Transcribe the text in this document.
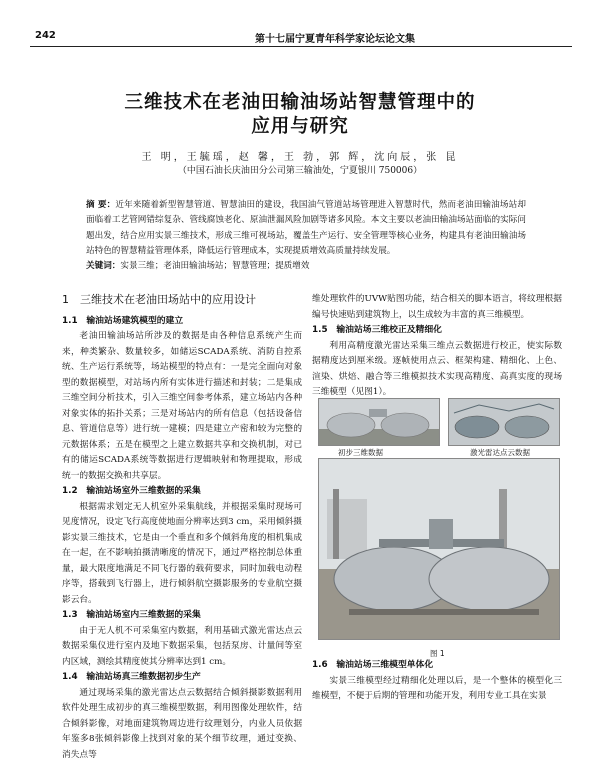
242	第十七届宁夏青年科学家论坛论文集
三维技术在老油田输油场站智慧管理中的
应用与研究
王 明，王毓瑶，赵 馨，王 勃，郭 辉，沈向辰，张 昆
（中国石油长庆油田分公司第三输油处，宁夏银川 750006）
摘 要：近年来随着新型智慧管道、智慧油田的建设，我国油气管道站场管理进入智慧时代，然而老油田输油场站却面临着工艺管网错综复杂、管线腐蚀老化、原油泄漏风险加剧等诸多风险。本文主要以老油田输油场站面临的实际问题出发，结合应用实景三维技术，形成三维可视场站，覆盖生产运行、安全管理等核心业务，构建具有老油田输油场站特色的智慧精益管理体系，降低运行管理成本，实现提质增效高质量持续发展。
关键词：实景三维；老油田输油场站；智慧管理；提质增效
1　三维技术在老油田场站中的应用设计
1.1　输油站场建筑模型的建立

老油田输油场站所涉及的数据是由各种信息系统产生而来，种类繁杂、数量较多，如储运SCADA系统、消防自控系统、生产运行系统等，场站模型的特点有：一是完全面向对象型的数据模型，对站场内所有实体进行描述和封装；二是集成三维空间分析技术，引入三维空间参考体系，建立场站内各种对象实体的拓扑关系；三是对场站内的所有信息（包括设备信息、管道信息等）进行统一建模；四是建立产密和较为完整的元数据体系；五是在模型之上建立数据共享和交换机制，对已有的储运SCADA系统等数据进行逻辑映射和物理提取，形成统一的数据交换和共享层。

1.2　输油站场室外三维数据的采集

根据需求划定无人机室外采集航线，并根据采集时现场可见度情况，设定飞行高度使地面分辨率达到3 cm，采用倾斜摄影实景三维技术，它是由一个垂直和多个倾斜角度的相机集成在一起，在不影响拍摄清晰度的情况下，通过严格控制总体重量，最大限度地满足不同飞行器的载荷要求，同时加载电动程序等，搭载到飞行器上，进行倾斜航空摄影服务的专业航空摄影云台。

1.3　输油站场室内三维数据的采集

由于无人机不可采集室内数据，利用基础式激光雷达点云数据采集仪进行室内及地下数据采集，包括泵房、计量间等室内区域，测绘其精度使其分辨率达到1 cm。

1.4　输油站场真三维数据初步生产

通过现场采集的激光雷达点云数据结合倾斜摄影数据利用软件处理生成初步的真三维模型数据，利用图像处理软件，结合倾斜影像，对地面建筑物周边进行纹理划分，内业人员依据年鉴多8张倾斜影像上找到对象的某个细节纹理，通过变换、消失点等

维处理软件的UVW贴图功能，结合相关的脚本语言，将纹理根据编号快速贴到建筑物上，以生成较为丰富的真三维模型。

1.5　输油站场三维校正及精细化

利用高精度激光雷达采集三维点云数据进行校正，使实际数据精度达到厘米级。逐帧使用点云、框架构建、精细化、上色、渲染、烘焙、融合等三维模拟技术实现高精度、高真实度的现场三维模型（见图1）。

初步三维数据	激光雷达点云数据
图 1
1.6　输油站场三维模型单体化

实景三维模型经过精细化处理以后，是一个整体的模型化三维模型，不便于后期的管理和功能开发，利用专业工具在实景
